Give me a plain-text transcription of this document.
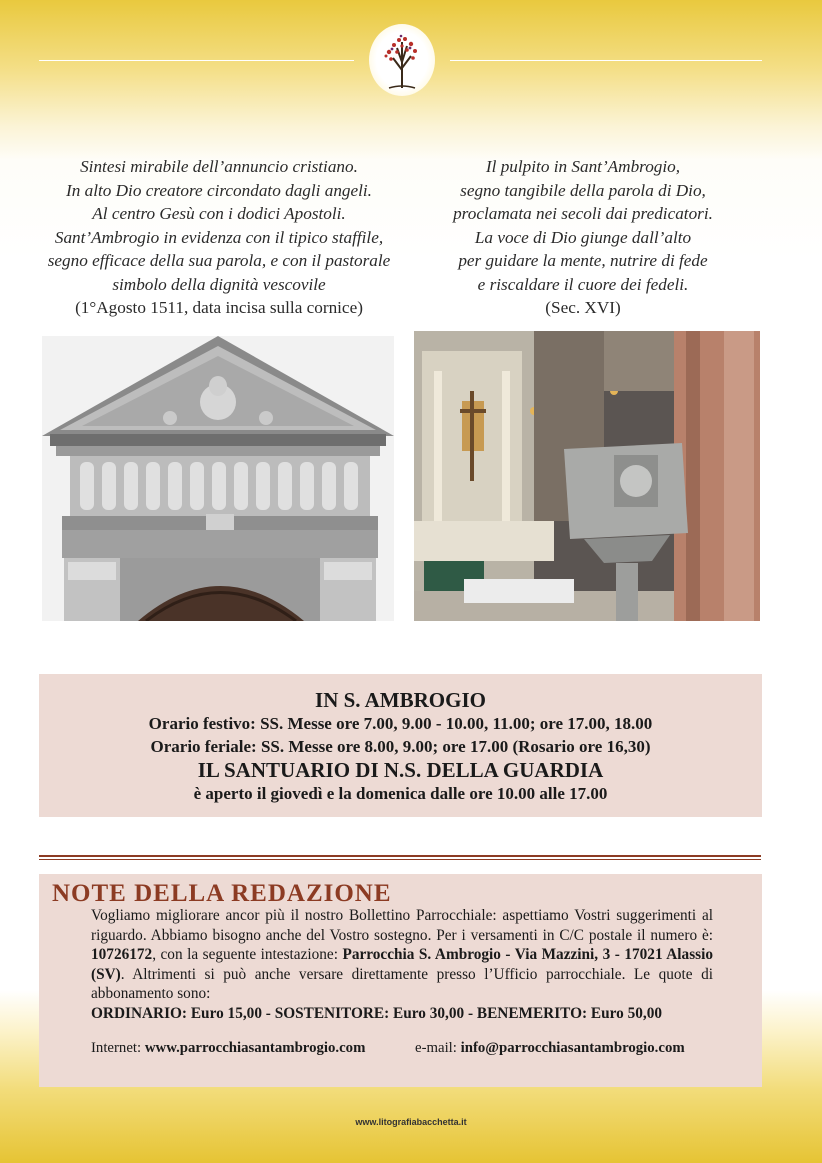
Sintesi mirabile dell’annuncio cristiano.
In alto Dio creatore circondato dagli angeli.
Al centro Gesù con i dodici Apostoli.
Sant’Ambrogio in evidenza con il tipico staffile,
segno efficace della sua parola, e con il pastorale
simbolo della dignità vescovile
(1°Agosto 1511, data incisa sulla cornice)
Il pulpito in Sant’Ambrogio,
segno tangibile della parola di Dio,
proclamata nei secoli dai predicatori.
La voce di Dio giunge dall’alto
per guidare la mente, nutrire di fede
e riscaldare il cuore dei fedeli.
(Sec. XVI)
IN S. AMBROGIO
Orario festivo: SS. Messe ore 7.00, 9.00 - 10.00, 11.00; ore 17.00, 18.00
Orario feriale: SS. Messe ore 8.00, 9.00; ore 17.00 (Rosario ore 16,30)
IL SANTUARIO DI N.S. DELLA GUARDIA
è aperto il giovedì e la domenica dalle ore 10.00 alle 17.00
NOTE DELLA REDAZIONE
Vogliamo migliorare ancor più il nostro Bollettino Parrocchiale: aspettiamo Vostri suggerimenti al riguardo. Abbiamo bisogno anche del Vostro sostegno. Per i versamenti in C/C postale il numero è: 10726172, con la seguente intestazione: Parrocchia S. Ambrogio - Via Mazzini, 3 - 17021 Alassio (SV). Altrimenti si può anche versare direttamente presso l’Ufficio parrocchiale. Le quote di abbonamento sono:
ORDINARIO: Euro 15,00 - SOSTENITORE: Euro 30,00 - BENEMERITO: Euro 50,00
Internet: www.parrocchiasantambrogio.com	e-mail: info@parrocchiasantambrogio.com
www.litografiabacchetta.it
